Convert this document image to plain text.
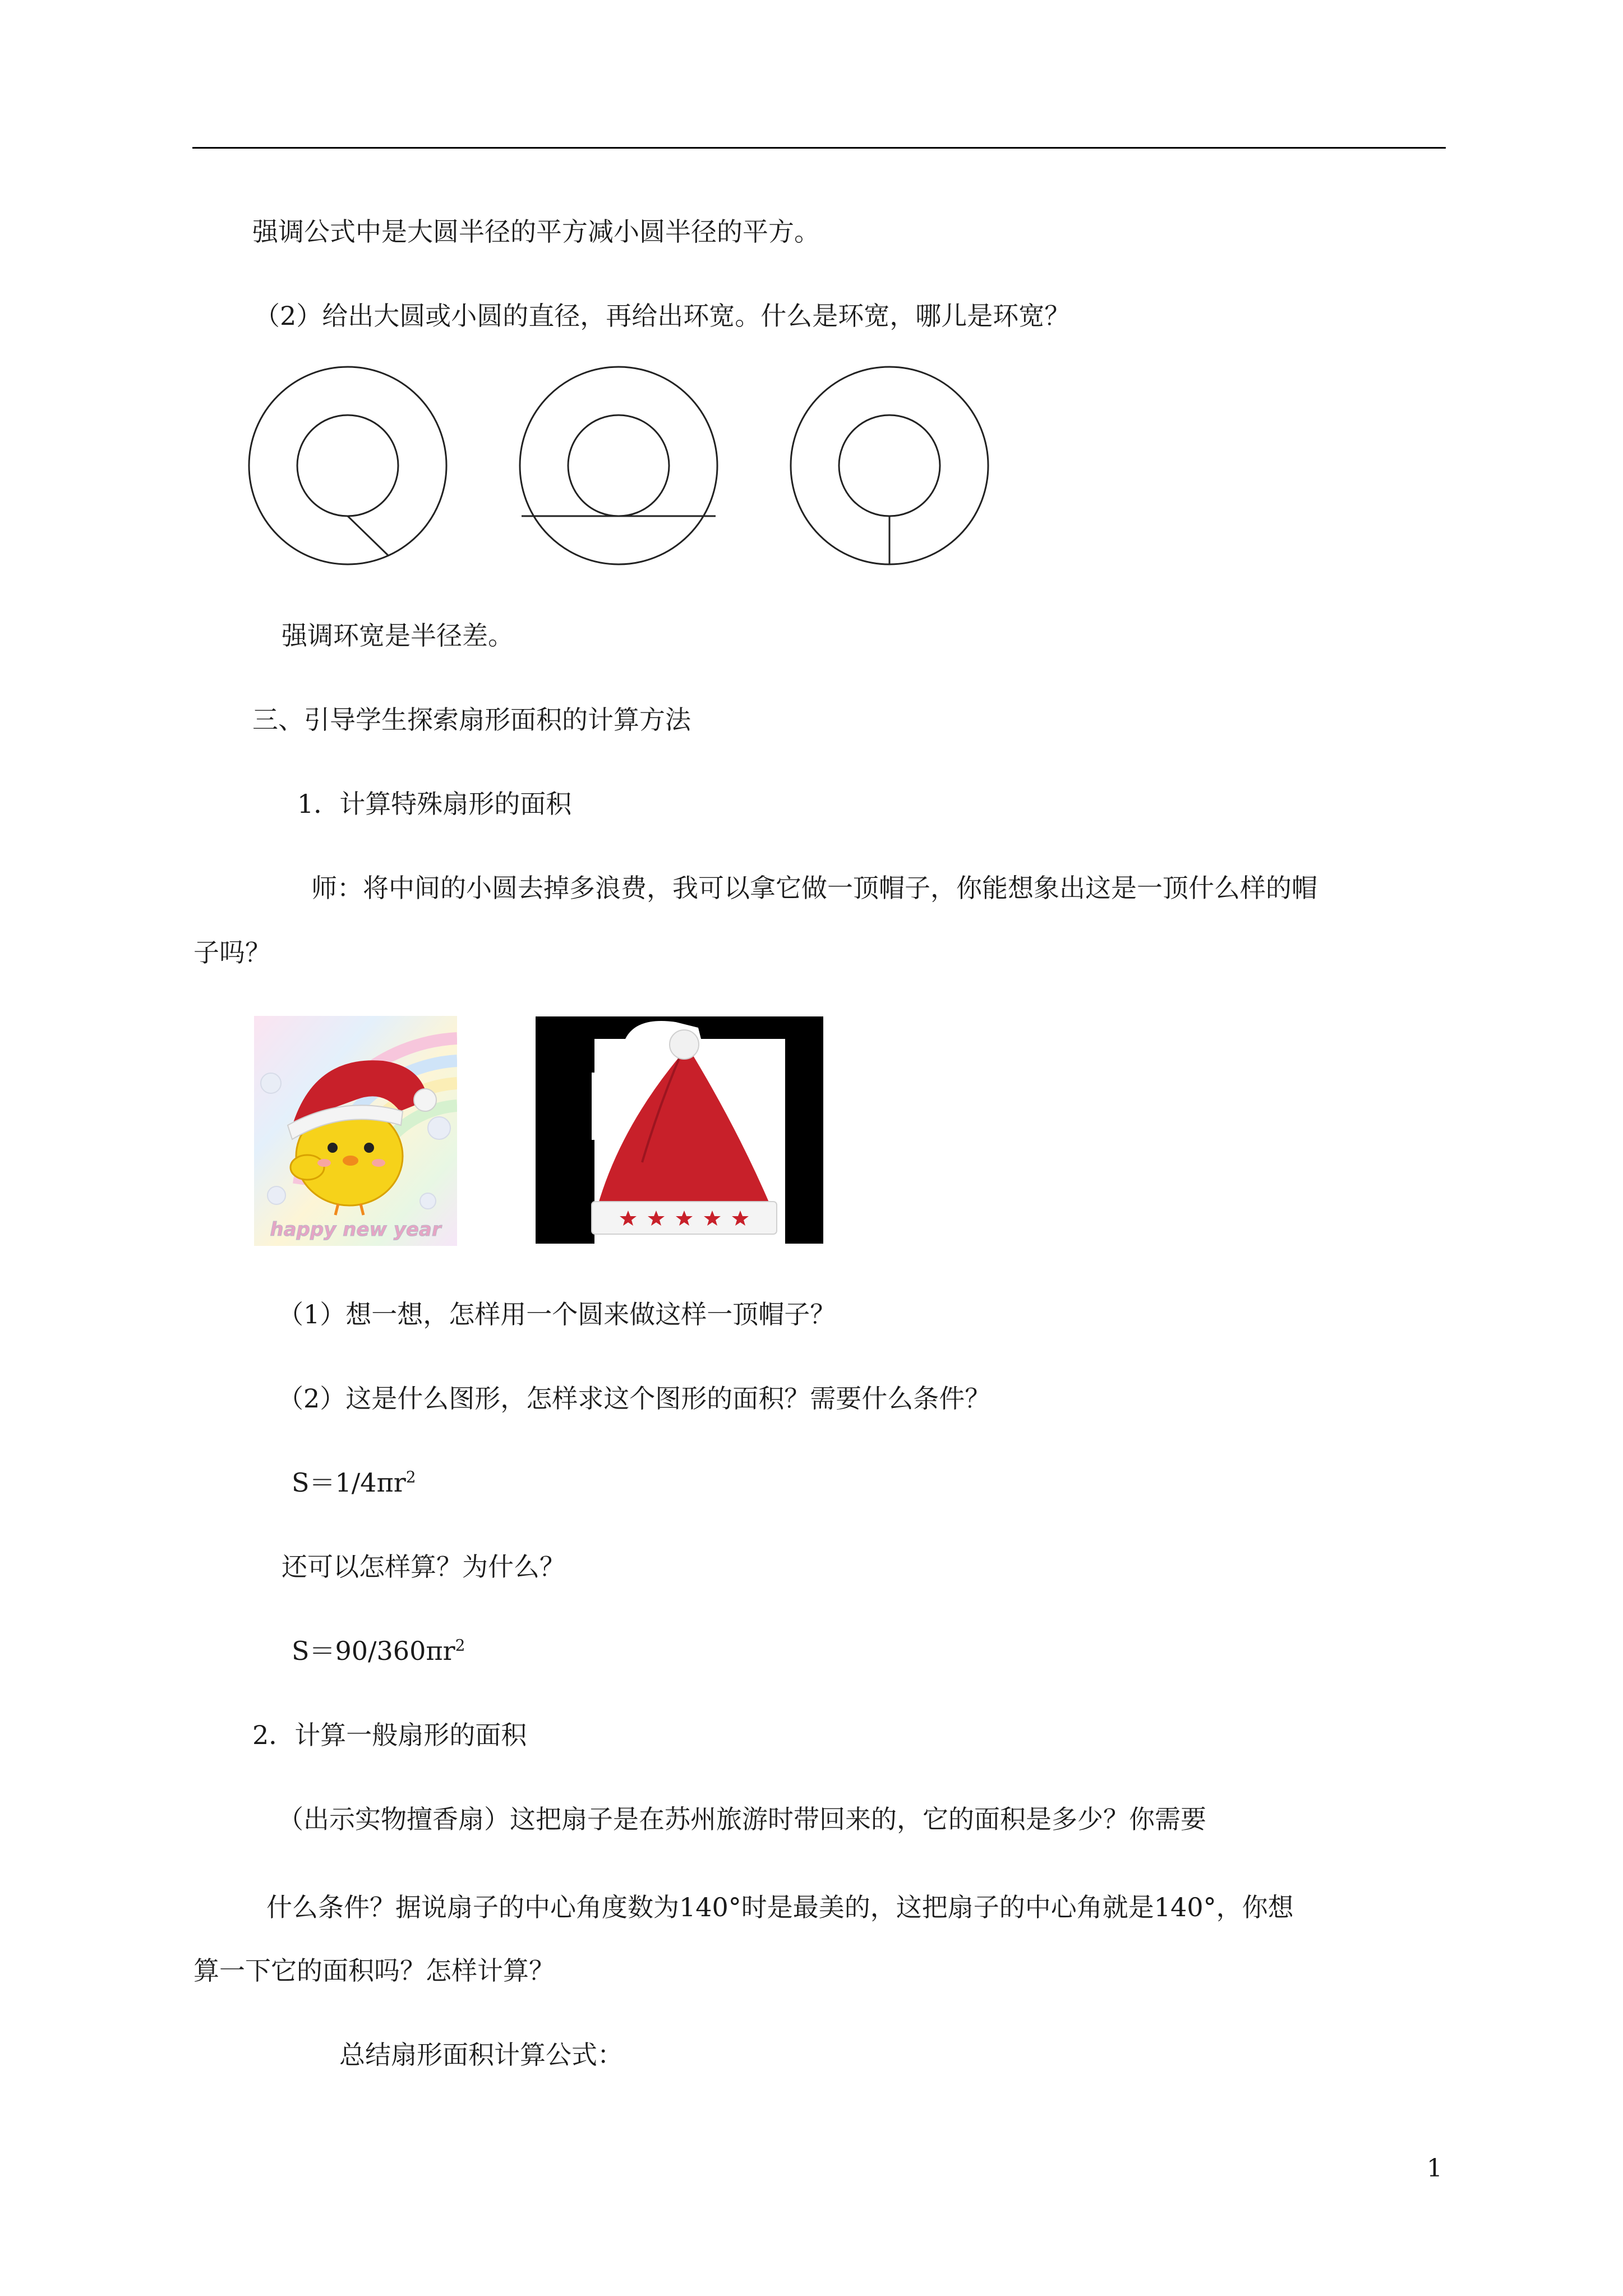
强调公式中是大圆半径的平方减小圆半径的平方。
（2）给出大圆或小圆的直径，再给出环宽。什么是环宽，哪儿是环宽？
强调环宽是半径差。
三、引导学生探索扇形面积的计算方法
1．计算特殊扇形的面积
师：将中间的小圆去掉多浪费，我可以拿它做一顶帽子，你能想象出这是一顶什么样的帽
子吗？
happy new year
（1）想一想，怎样用一个圆来做这样一顶帽子？
（2）这是什么图形，怎样求这个图形的面积？需要什么条件？
$S=1/4\pi r^2$
还可以怎样算？为什么？
$S=90/360\pi r^2$
2．计算一般扇形的面积
（出示实物擅香扇）这把扇子是在苏州旅游时带回来的，它的面积是多少？你需要
什么条件？据说扇子的中心角度数为140°时是最美的，这把扇子的中心角就是140°，你想
算一下它的面积吗？怎样计算？
总结扇形面积计算公式：
1
